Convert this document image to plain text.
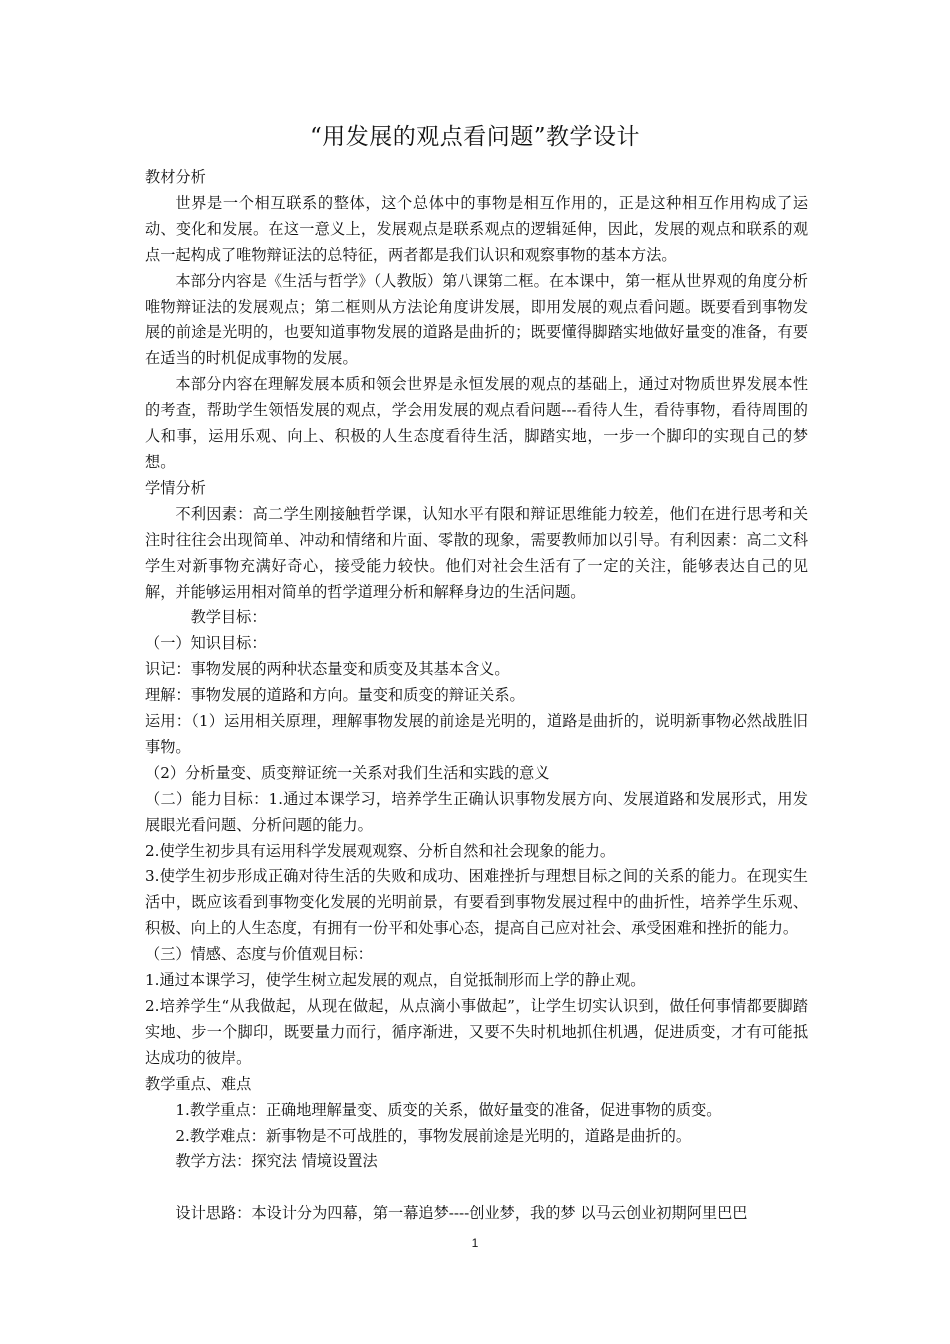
“用发展的观点看问题”教学设计

教材分析

世界是一个相互联系的整体，这个总体中的事物是相互作用的，正是这种相互作用构成了运动、变化和发展。在这一意义上，发展观点是联系观点的逻辑延伸，因此，发展的观点和联系的观点一起构成了唯物辩证法的总特征，两者都是我们认识和观察事物的基本方法。

本部分内容是《生活与哲学》（人教版）第八课第二框。在本课中，第一框从世界观的角度分析唯物辩证法的发展观点；第二框则从方法论角度讲发展，即用发展的观点看问题。既要看到事物发展的前途是光明的，也要知道事物发展的道路是曲折的；既要懂得脚踏实地做好量变的准备，有要在适当的时机促成事物的发展。

本部分内容在理解发展本质和领会世界是永恒发展的观点的基础上，通过对物质世界发展本性的考查，帮助学生领悟发展的观点，学会用发展的观点看问题---看待人生，看待事物，看待周围的人和事，运用乐观、向上、积极的人生态度看待生活，脚踏实地，一步一个脚印的实现自己的梦想。

学情分析

不利因素：高二学生刚接触哲学课，认知水平有限和辩证思维能力较差，他们在进行思考和关注时往往会出现简单、冲动和情绪和片面、零散的现象，需要教师加以引导。有利因素：高二文科学生对新事物充满好奇心，接受能力较快。他们对社会生活有了一定的关注，能够表达自己的见解，并能够运用相对简单的哲学道理分析和解释身边的生活问题。

教学目标：

（一）知识目标：

识记：事物发展的两种状态量变和质变及其基本含义。

理解：事物发展的道路和方向。量变和质变的辩证关系。

运用：（1）运用相关原理，理解事物发展的前途是光明的，道路是曲折的，说明新事物必然战胜旧事物。

（2）分析量变、质变辩证统一关系对我们生活和实践的意义

（二）能力目标：1.通过本课学习，培养学生正确认识事物发展方向、发展道路和发展形式，用发展眼光看问题、分析问题的能力。

2.使学生初步具有运用科学发展观观察、分析自然和社会现象的能力。

3.使学生初步形成正确对待生活的失败和成功、困难挫折与理想目标之间的关系的能力。在现实生活中，既应该看到事物变化发展的光明前景，有要看到事物发展过程中的曲折性，培养学生乐观、积极、向上的人生态度，有拥有一份平和处事心态，提高自己应对社会、承受困难和挫折的能力。

（三）情感、态度与价值观目标：

1.通过本课学习，使学生树立起发展的观点，自觉抵制形而上学的静止观。

2.培养学生“从我做起，从现在做起，从点滴小事做起”，让学生切实认识到，做任何事情都要脚踏实地、步一个脚印，既要量力而行，循序渐进，又要不失时机地抓住机遇，促进质变，才有可能抵达成功的彼岸。

教学重点、难点

1.教学重点：正确地理解量变、质变的关系，做好量变的准备，促进事物的质变。

2.教学难点：新事物是不可战胜的，事物发展前途是光明的，道路是曲折的。

教学方法：探究法 情境设置法

设计思路：本设计分为四幕，第一幕追梦----创业梦，我的梦 以马云创业初期阿里巴巴

1
